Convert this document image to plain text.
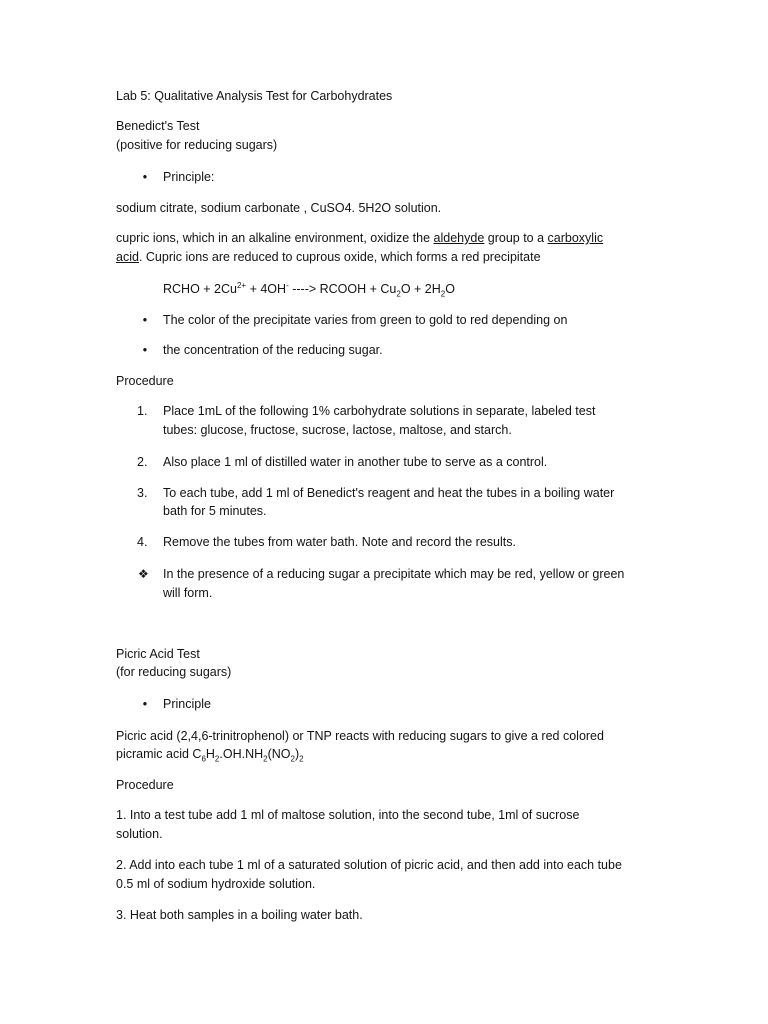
Lab 5: Qualitative Analysis Test for Carbohydrates
Benedict's Test
(positive for reducing sugars)
• Principle:
sodium citrate, sodium carbonate , CuSO4. 5H2O solution.
cupric ions, which in an alkaline environment, oxidize the aldehyde group to a carboxylic
acid. Cupric ions are reduced to cuprous oxide, which forms a red precipitate
RCHO + $2Cu^{2+} + 4OH^-$ ----> RCOOH + $Cu_2O + 2H_2O$
• The color of the precipitate varies from green to gold to red depending on
• the concentration of the reducing sugar.
Procedure
1. Place 1mL of the following 1% carbohydrate solutions in separate, labeled test
tubes: glucose, fructose, sucrose, lactose, maltose, and starch.
2. Also place 1 ml of distilled water in another tube to serve as a control.
3. To each tube, add 1 ml of Benedict's reagent and heat the tubes in a boiling water
bath for 5 minutes.
4. Remove the tubes from water bath. Note and record the results.
❖ In the presence of a reducing sugar a precipitate which may be red, yellow or green
will form.
Picric Acid Test
(for reducing sugars)
• Principle
Picric acid (2,4,6-trinitrophenol) or TNP reacts with reducing sugars to give a red colored
picramic acid $C_6H_2.OH.NH_2(NO_2)_2$
Procedure
1. Into a test tube add 1 ml of maltose solution, into the second tube, 1ml of sucrose
solution.
2. Add into each tube 1 ml of a saturated solution of picric acid, and then add into each tube
0.5 ml of sodium hydroxide solution.
3. Heat both samples in a boiling water bath.
